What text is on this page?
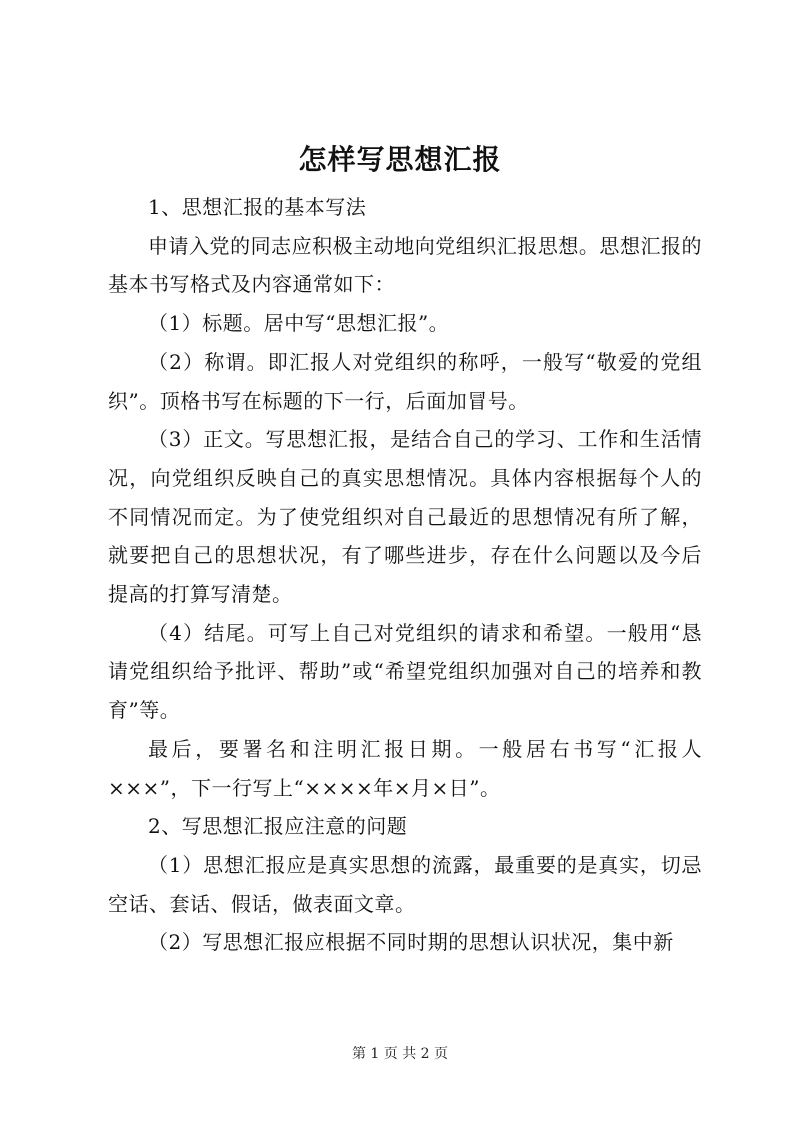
怎样写思想汇报

1、思想汇报的基本写法

申请入党的同志应积极主动地向党组织汇报思想。思想汇报的基本书写格式及内容通常如下：

（1）标题。居中写“思想汇报”。

（2）称谓。即汇报人对党组织的称呼，一般写“敬爱的党组织”。顶格书写在标题的下一行，后面加冒号。

（3）正文。写思想汇报，是结合自己的学习、工作和生活情况，向党组织反映自己的真实思想情况。具体内容根据每个人的不同情况而定。为了使党组织对自己最近的思想情况有所了解，就要把自己的思想状况，有了哪些进步，存在什么问题以及今后提高的打算写清楚。

（4）结尾。可写上自己对党组织的请求和希望。一般用“恳请党组织给予批评、帮助”或“希望党组织加强对自己的培养和教育”等。

最后，要署名和注明汇报日期。一般居右书写“汇报人×××”，下一行写上“××××年×月×日”。

2、写思想汇报应注意的问题

（1）思想汇报应是真实思想的流露，最重要的是真实，切忌空话、套话、假话，做表面文章。

（2）写思想汇报应根据不同时期的思想认识状况，集中新

第 1 页 共 2 页
